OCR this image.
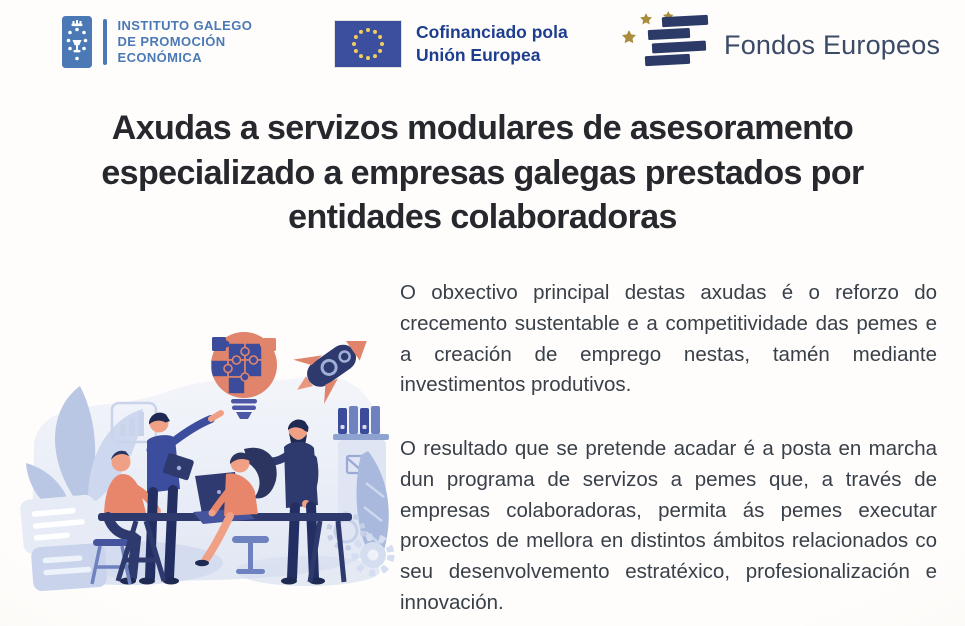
INSTITUTO GALEGO
DE PROMOCIÓN
ECONÓMICA
Cofinanciado pola
Unión Europea	Fondos Europeos
Axudas a servizos modulares de asesoramento
especializado a empresas galegas prestados por
entidades colaboradoras

O obxectivo principal destas axudas é o reforzo do crecemento sustentable e a competitividade das pemes e a creación de emprego nestas, tamén mediante investimentos produtivos.

O resultado que se pretende acadar é a posta en marcha dun programa de servizos a pemes que, a través de empresas colaboradoras, permita ás pemes executar proxectos de mellora en distintos ámbitos relacionados co seu desenvolvemento estratéxico, profesionalización e innovación.
